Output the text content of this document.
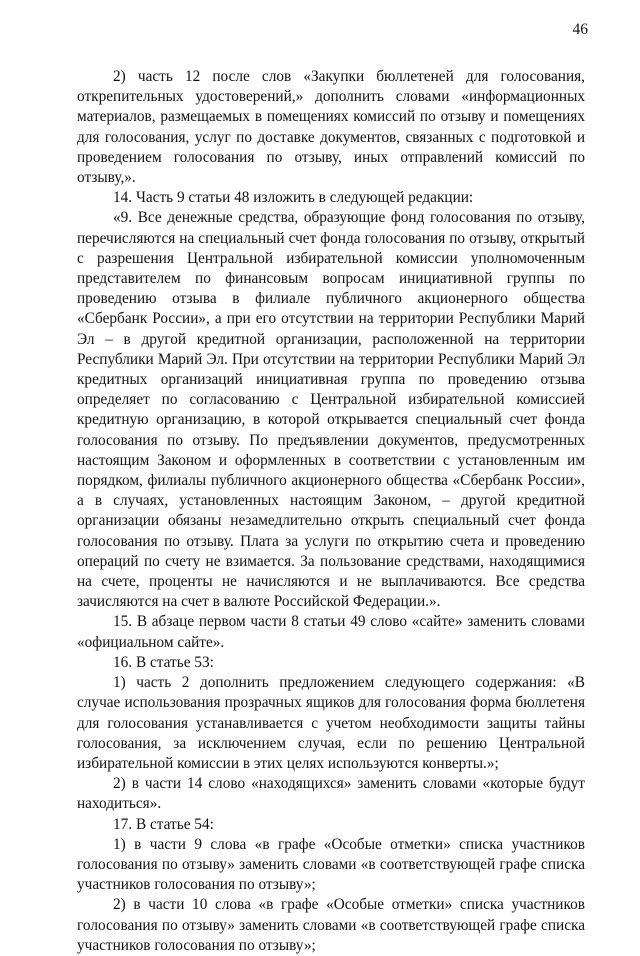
46

2) часть 12 после слов «Закупки бюллетеней для голосования, открепительных удостоверений,» дополнить словами «информационных материалов, размещаемых в помещениях комиссий по отзыву и помещениях для голосования, услуг по доставке документов, связанных с подготовкой и проведением голосования по отзыву, иных отправлений комиссий по отзыву,».

14. Часть 9 статьи 48 изложить в следующей редакции:

«9. Все денежные средства, образующие фонд голосования по отзыву, перечисляются на специальный счет фонда голосования по отзыву, открытый с разрешения Центральной избирательной комиссии уполномоченным представителем по финансовым вопросам инициативной группы по проведению отзыва в филиале публичного акционерного общества «Сбербанк России», а при его отсутствии на территории Республики Марий Эл – в другой кредитной организации, расположенной на территории Республики Марий Эл. При отсутствии на территории Республики Марий Эл кредитных организаций инициативная группа по проведению отзыва определяет по согласованию с Центральной избирательной комиссией кредитную организацию, в которой открывается специальный счет фонда голосования по отзыву. По предъявлении документов, предусмотренных настоящим Законом и оформленных в соответствии с установленным им порядком, филиалы публичного акционерного общества «Сбербанк России», а в случаях, установленных настоящим Законом, – другой кредитной организации обязаны незамедлительно открыть специальный счет фонда голосования по отзыву. Плата за услуги по открытию счета и проведению операций по счету не взимается. За пользование средствами, находящимися на счете, проценты не начисляются и не выплачиваются. Все средства зачисляются на счет в валюте Российской Федерации.».

15. В абзаце первом части 8 статьи 49 слово «сайте» заменить словами «официальном сайте».

16. В статье 53:

1) часть 2 дополнить предложением следующего содержания: «В случае использования прозрачных ящиков для голосования форма бюллетеня для голосования устанавливается с учетом необходимости защиты тайны голосования, за исключением случая, если по решению Центральной избирательной комиссии в этих целях используются конверты.»;

2) в части 14 слово «находящихся» заменить словами «которые будут находиться».

17. В статье 54:

1) в части 9 слова «в графе «Особые отметки» списка участников голосования по отзыву» заменить словами «в соответствующей графе списка участников голосования по отзыву»;

2) в части 10 слова «в графе «Особые отметки» списка участников голосования по отзыву» заменить словами «в соответствующей графе списка участников голосования по отзыву»;
